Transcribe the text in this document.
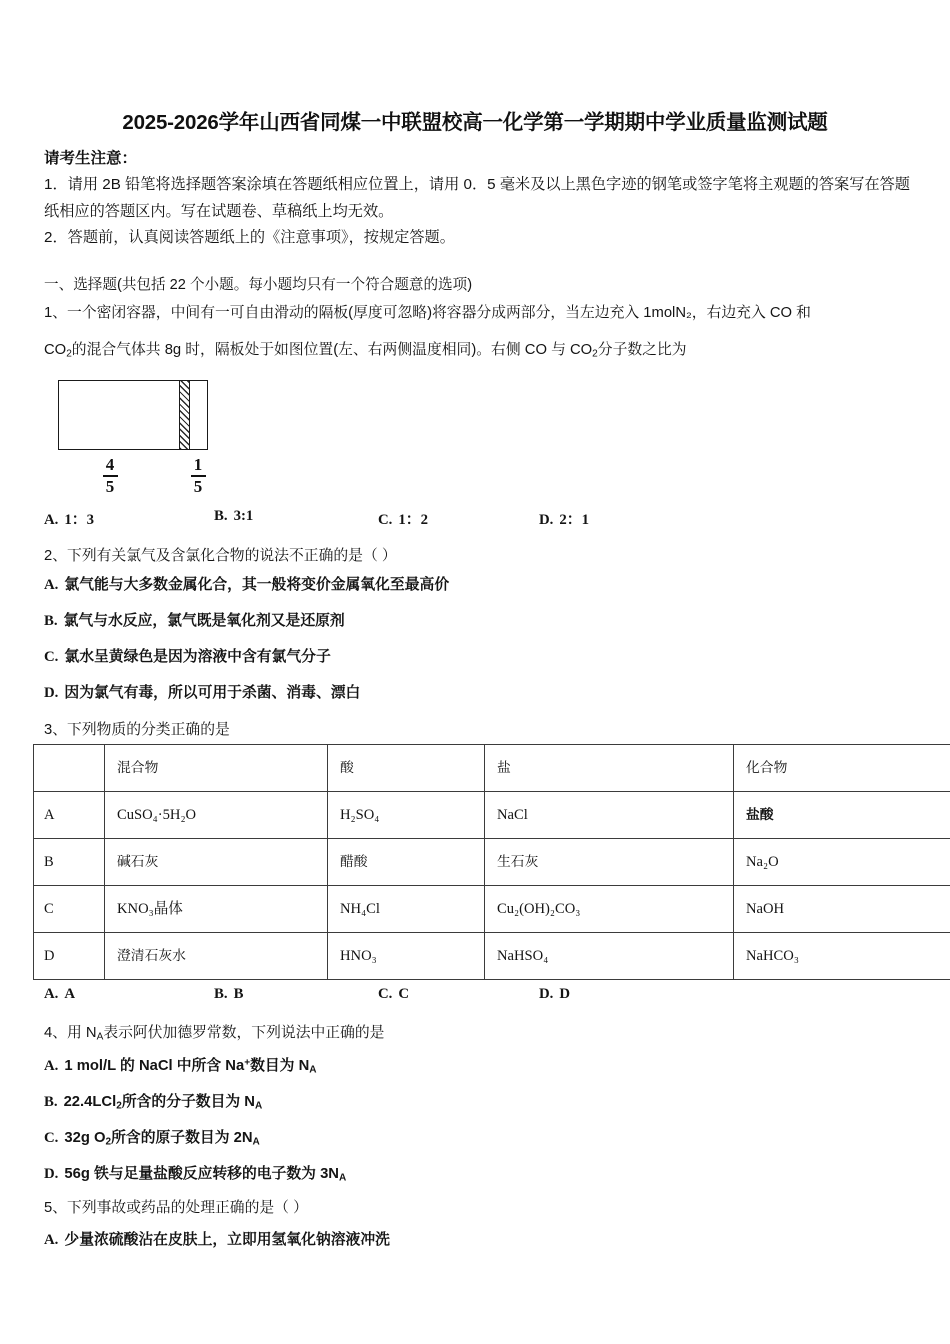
2025-2026学年山西省同煤一中联盟校高一化学第一学期期中学业质量监测试题
请考生注意：
1．请用 2B 铅笔将选择题答案涂填在答题纸相应位置上，请用 0．5 毫米及以上黑色字迹的钢笔或签字笔将主观题的答案写在答题纸相应的答题区内。写在试题卷、草稿纸上均无效。
2．答题前，认真阅读答题纸上的《注意事项》，按规定答题。
一、选择题(共包括 22 个小题。每小题均只有一个符合题意的选项)
1、一个密闭容器，中间有一可自由滑动的隔板(厚度可忽略)将容器分成两部分，当左边充入 1molN₂，右边充入 CO 和
$CO_2$的混合气体共 8g 时，隔板处于如图位置(左、右两侧温度相同)。右侧 CO 与 $CO_2$分子数之比为
4
5
1
5
A. 1：3	B. 3:1	C. 1：2	D. 2：1
2、下列有关氯气及含氯化合物的说法不正确的是（ ）
A. 氯气能与大多数金属化合，其一般将变价金属氧化至最高价
B. 氯气与水反应，氯气既是氧化剂又是还原剂
C. 氯水呈黄绿色是因为溶液中含有氯气分子
D. 因为氯气有毒，所以可用于杀菌、消毒、漂白
3、下列物质的分类正确的是
	混合物	酸	盐	化合物
A	CuSO₄·5H₂O	H₂SO₄	NaCl	盐酸
B	碱石灰	醋酸	生石灰	Na₂O
C	KNO₃晶体	NH₄Cl	Cu₂(OH)₂CO₃	NaOH
D	澄清石灰水	HNO₃	NaHSO₄	NaHCO₃
A. A	B. B	C. C	D. D
4、用 $N_A$表示阿伏加德罗常数，下列说法中正确的是
A. 1 mol/L 的 NaCl 中所含 Na+数目为 $N_A$
B. 22.4LCl$_2$所含的分子数目为 $N_A$
C. 32g $O_2$所含的原子数目为 $2N_A$
D. 56g 铁与足量盐酸反应转移的电子数为 $3N_A$
5、下列事故或药品的处理正确的是（ ）
A. 少量浓硫酸沾在皮肤上，立即用氢氧化钠溶液冲洗
